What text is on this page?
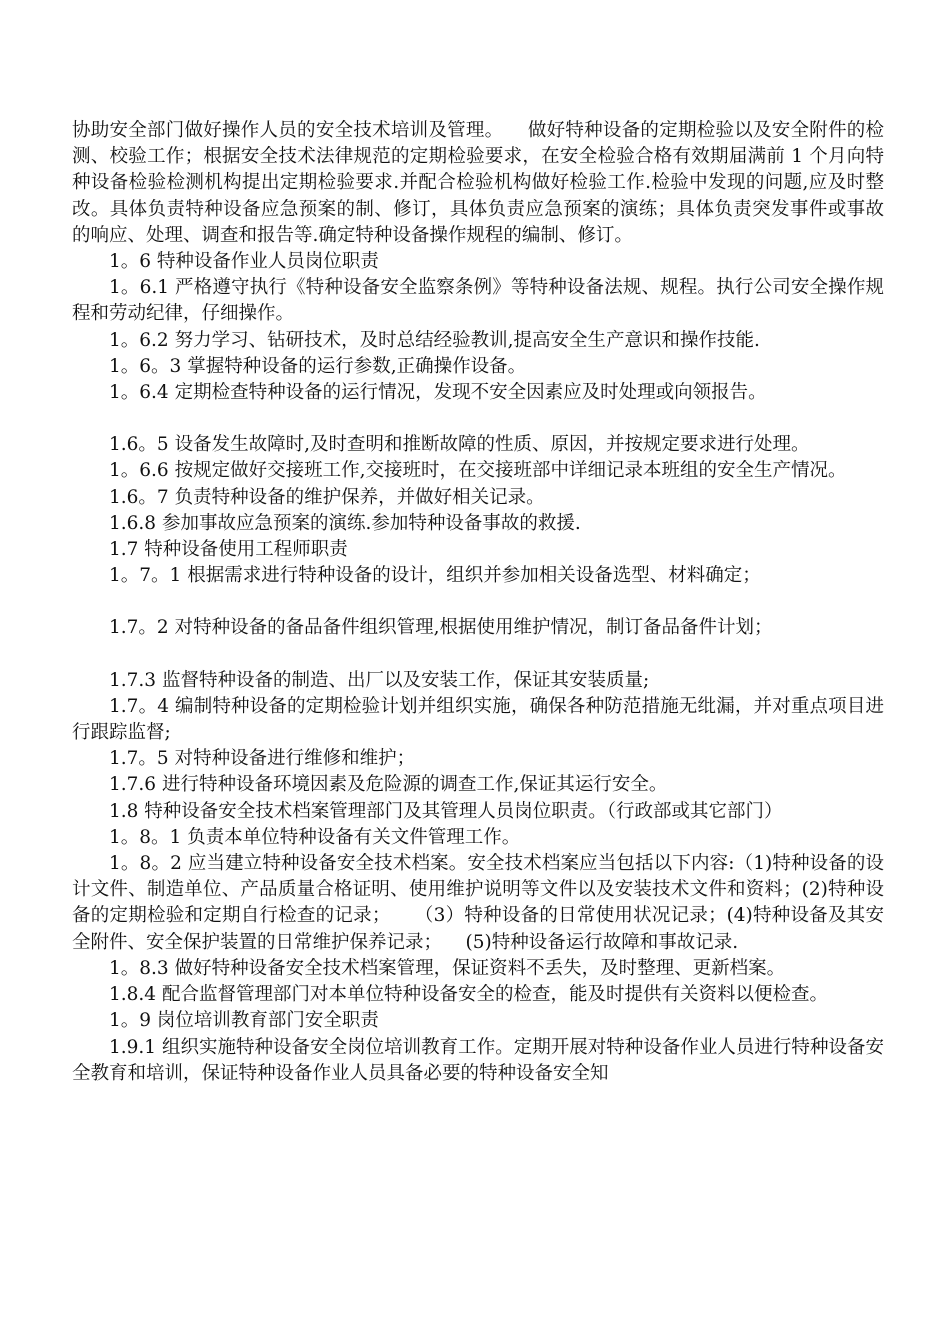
协助安全部门做好操作人员的安全技术培训及管理。    做好特种设备的定期检验以及安全附件的检测、校验工作；根据安全技术法律规范的定期检验要求，在安全检验合格有效期届满前 1 个月向特种设备检验检测机构提出定期检验要求.并配合检验机构做好检验工作.检验中发现的问题,应及时整改。具体负责特种设备应急预案的制、修订，具体负责应急预案的演练；具体负责突发事件或事故的响应、处理、调查和报告等.确定特种设备操作规程的编制、修订。

1。6 特种设备作业人员岗位职责

1。6.1 严格遵守执行《特种设备安全监察条例》等特种设备法规、规程。执行公司安全操作规程和劳动纪律，仔细操作。

1。6.2 努力学习、钻研技术，及时总结经验教训,提高安全生产意识和操作技能.

1。6。3 掌握特种设备的运行参数,正确操作设备。

1。6.4 定期检查特种设备的运行情况，发现不安全因素应及时处理或向领报告。

1.6。5 设备发生故障时,及时查明和推断故障的性质、原因，并按规定要求进行处理。

1。6.6 按规定做好交接班工作,交接班时，在交接班部中详细记录本班组的安全生产情况。

1.6。7 负责特种设备的维护保养，并做好相关记录。

1.6.8 参加事故应急预案的演练.参加特种设备事故的救援.

1.7 特种设备使用工程师职责

1。7。1 根据需求进行特种设备的设计，组织并参加相关设备选型、材料确定；

1.7。2 对特种设备的备品备件组织管理,根据使用维护情况，制订备品备件计划；

1.7.3 监督特种设备的制造、出厂以及安装工作，保证其安装质量;

1.7。4 编制特种设备的定期检验计划并组织实施，确保各种防范措施无纰漏，并对重点项目进行跟踪监督;

1.7。5 对特种设备进行维修和维护；

1.7.6 进行特种设备环境因素及危险源的调查工作,保证其运行安全。

1.8 特种设备安全技术档案管理部门及其管理人员岗位职责。（行政部或其它部门）

1。8。1 负责本单位特种设备有关文件管理工作。

1。8。2 应当建立特种设备安全技术档案。安全技术档案应当包括以下内容:（1)特种设备的设计文件、制造单位、产品质量合格证明、使用维护说明等文件以及安装技术文件和资料；(2)特种设备的定期检验和定期自行检查的记录；    （3）特种设备的日常使用状况记录；(4)特种设备及其安全附件、安全保护装置的日常维护保养记录；    (5)特种设备运行故障和事故记录.

1。8.3 做好特种设备安全技术档案管理，保证资料不丢失，及时整理、更新档案。

1.8.4 配合监督管理部门对本单位特种设备安全的检查，能及时提供有关资料以便检查。

1。9 岗位培训教育部门安全职责

1.9.1 组织实施特种设备安全岗位培训教育工作。定期开展对特种设备作业人员进行特种设备安全教育和培训，保证特种设备作业人员具备必要的特种设备安全知
